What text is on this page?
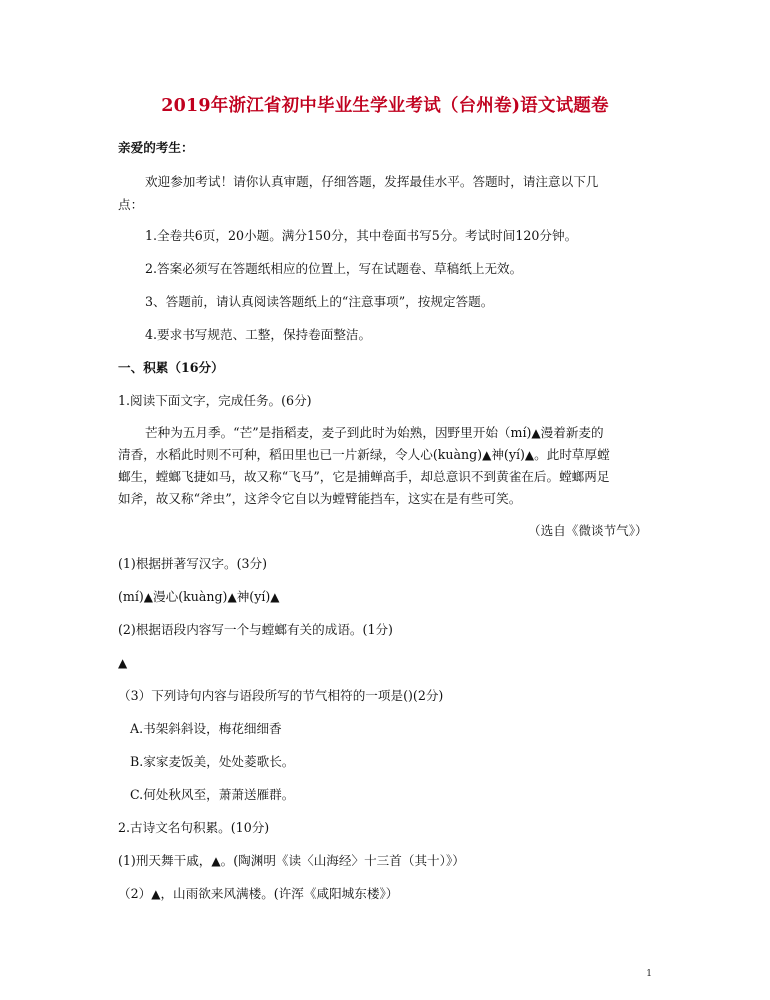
2019年浙江省初中毕业生学业考试（台州卷)语文试题卷
亲爱的考生：
欢迎参加考试！请你认真审题，仔细答题，发挥最佳水平。答题时，请注意以下几
点：
1.全卷共6页，20小题。满分150分，其中卷面书写5分。考试时间120分钟。
2.答案必须写在答题纸相应的位置上，写在试题卷、草稿纸上无效。
3、答题前，请认真阅读答题纸上的“注意事项”，按规定答题。
4.要求书写规范、工整，保持卷面整洁。
一、积累（16分）
1.阅读下面文字，完成任务。(6分)
芒种为五月季。“芒”是指稻麦，麦子到此时为始熟，因野里开始（mí)▲漫着新麦的
清香，水稻此时则不可种，稻田里也已一片新绿，令人心(kuàng)▲神(yí)▲。此时草厚螳
螂生，螳螂飞捷如马，故又称“飞马”，它是捕蝉高手，却总意识不到黄雀在后。螳螂两足
如斧，故又称“斧虫”，这斧令它自以为螳臂能挡车，这实在是有些可笑。
（选自《微谈节气》）
(1)根据拼著写汉字。(3分)
(mí)▲漫心(kuàng)▲神(yí)▲
(2)根据语段内容写一个与螳螂有关的成语。(1分)
▲
（3）下列诗句内容与语段所写的节气相符的一项是()(2分)
A.书架斜斜设，梅花细细香
B.家家麦饭美，处处菱歌长。
C.何处秋风至，萧萧送雁群。
2.古诗文名句积累。(10分)
(1)刑天舞干戚，▲。(陶渊明《读〈山海经〉十三首（其十）》）
（2）▲，山雨欲来风满楼。(许浑《咸阳城东楼》）
1
